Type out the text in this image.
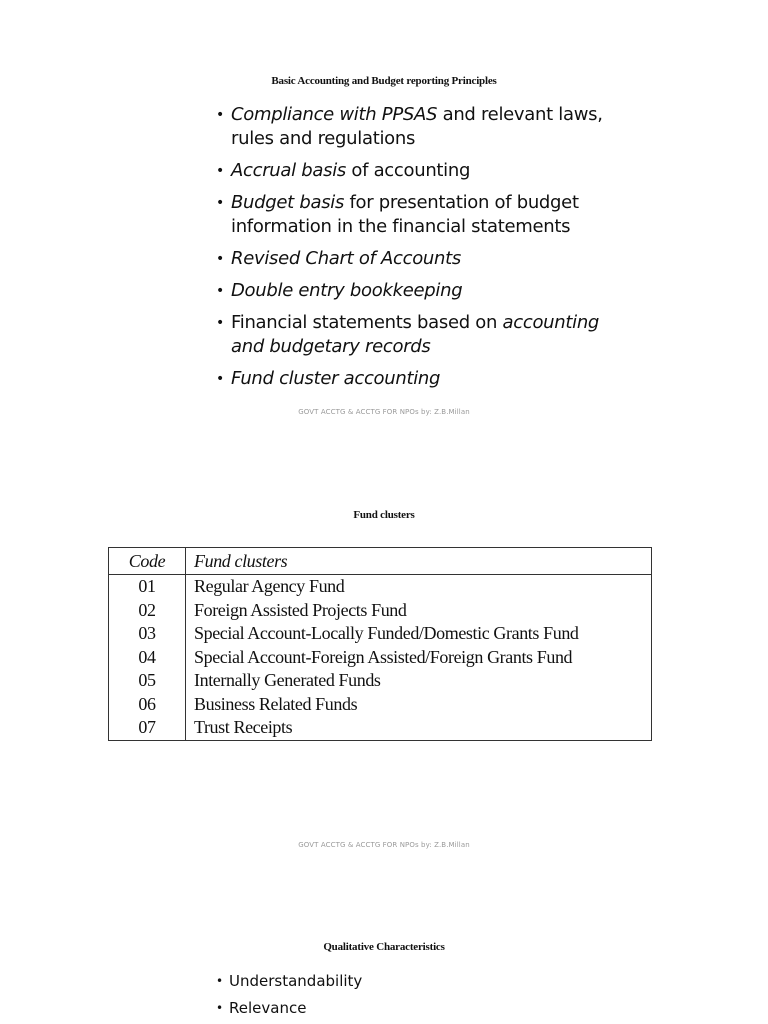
Basic Accounting and Budget reporting Principles
• Compliance with PPSAS and relevant laws, rules and regulations
• Accrual basis of accounting
• Budget basis for presentation of budget information in the financial statements
• Revised Chart of Accounts
• Double entry bookkeeping
• Financial statements based on accounting and budgetary records
• Fund cluster accounting
GOVT ACCTG & ACCTG FOR NPOs by: Z.B.Millan
Fund clusters
Code	Fund clusters
01	Regular Agency Fund
02	Foreign Assisted Projects Fund
03	Special Account-Locally Funded/Domestic Grants Fund
04	Special Account-Foreign Assisted/Foreign Grants Fund
05	Internally Generated Funds
06	Business Related Funds
07	Trust Receipts
GOVT ACCTG & ACCTG FOR NPOs by: Z.B.Millan
Qualitative Characteristics
• Understandability
• Relevance
